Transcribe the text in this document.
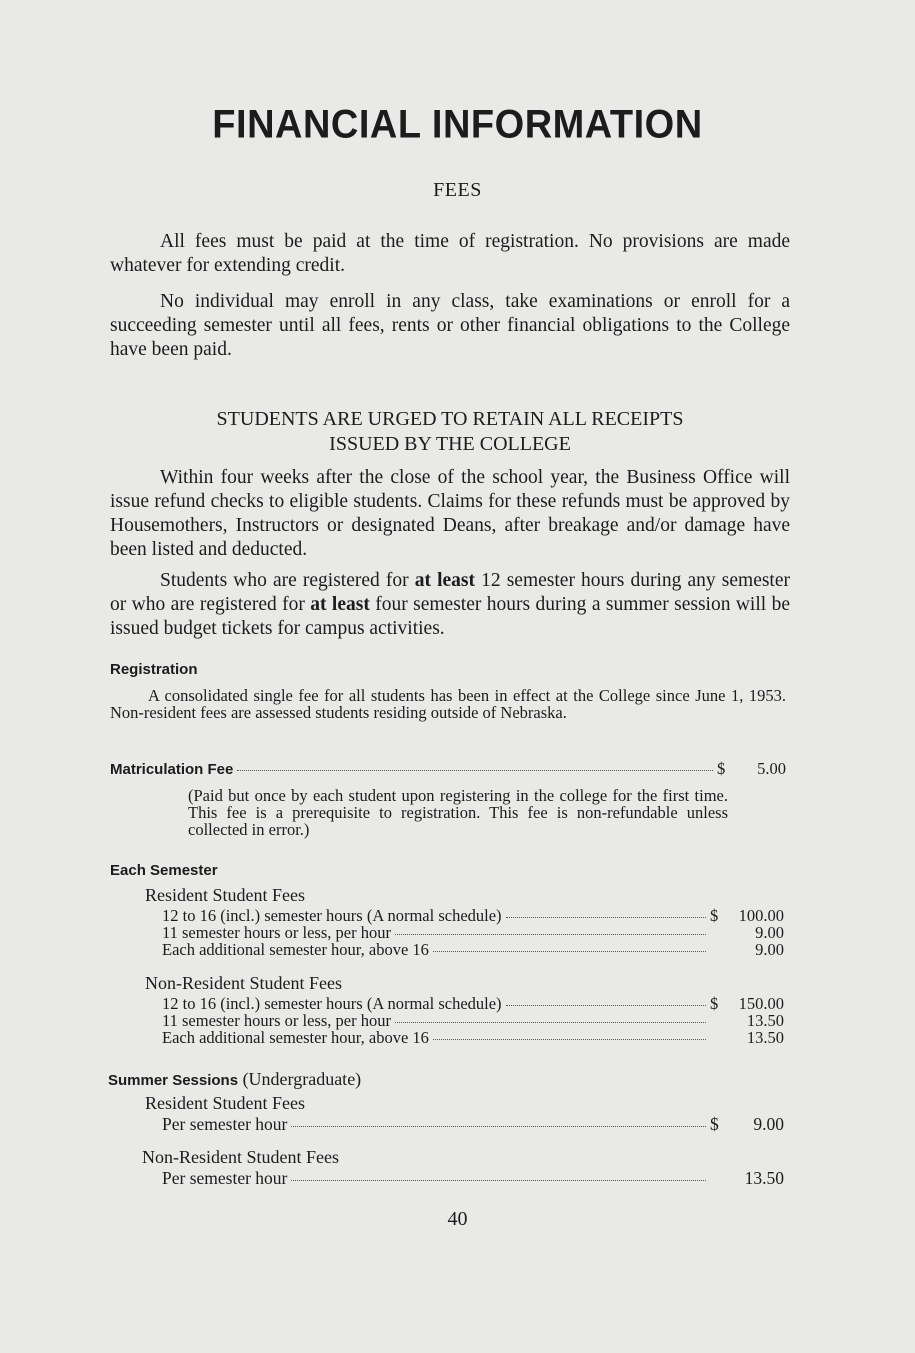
FINANCIAL INFORMATION
FEES
All fees must be paid at the time of registration. No provisions are made whatever for extending credit.
No individual may enroll in any class, take examinations or enroll for a succeeding semester until all fees, rents or other financial obligations to the College have been paid.
STUDENTS ARE URGED TO RETAIN ALL RECEIPTS
ISSUED BY THE COLLEGE
Within four weeks after the close of the school year, the Business Office will issue refund checks to eligible students. Claims for these refunds must be approved by Housemothers, Instructors or designated Deans, after breakage and/or damage have been listed and deducted.
Students who are registered for at least 12 semester hours during any semester or who are registered for at least four semester hours during a summer session will be issued budget tickets for campus activities.
Registration
A consolidated single fee for all students has been in effect at the College since June 1, 1953. Non-resident fees are assessed students residing outside of Nebraska.
Matriculation Fee	$	5.00
(Paid but once by each student upon registering in the college for the first time. This fee is a prerequisite to registration. This fee is non-refundable unless collected in error.)
Each Semester
Resident Student Fees
12 to 16 (incl.) semester hours (A normal schedule)	$	100.00
11 semester hours or less, per hour	9.00
Each additional semester hour, above 16	9.00
Non-Resident Student Fees
12 to 16 (incl.) semester hours (A normal schedule)	$	150.00
11 semester hours or less, per hour	13.50
Each additional semester hour, above 16	13.50
Summer Sessions (Undergraduate)
Resident Student Fees
Per semester hour	$	9.00
Non-Resident Student Fees
Per semester hour	13.50
40
